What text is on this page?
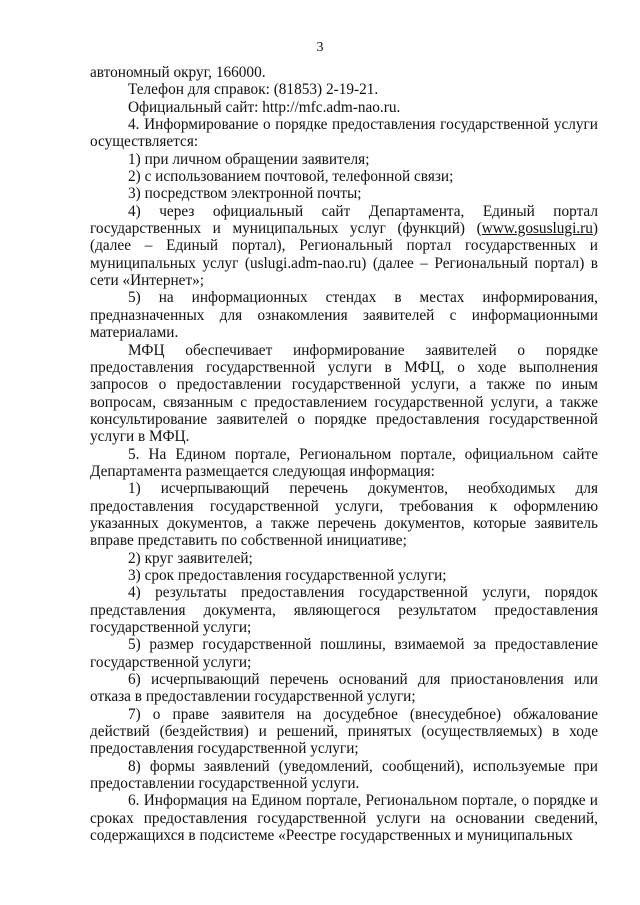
3

автономный округ, 166000.

Телефон для справок: (81853) 2-19-21.

Официальный сайт: http://mfc.adm-nao.ru.

4. Информирование о порядке предоставления государственной услуги осуществляется:

1) при личном обращении заявителя;

2) с использованием почтовой, телефонной связи;

3) посредством электронной почты;

4) через официальный сайт Департамента, Единый портал государственных и муниципальных услуг (функций) (www.gosuslugi.ru) (далее – Единый портал), Региональный портал государственных и муниципальных услуг (uslugi.adm-nao.ru) (далее – Региональный портал) в сети «Интернет»;

5) на информационных стендах в местах информирования, предназначенных для ознакомления заявителей с информационными материалами.

МФЦ обеспечивает информирование заявителей о порядке предоставления государственной услуги в МФЦ, о ходе выполнения запросов о предоставлении государственной услуги, а также по иным вопросам, связанным с предоставлением государственной услуги, а также консультирование заявителей о порядке предоставления государственной услуги в МФЦ.

5. На Едином портале, Региональном портале, официальном сайте Департамента размещается следующая информация:

1) исчерпывающий перечень документов, необходимых для предоставления государственной услуги, требования к оформлению указанных документов, а также перечень документов, которые заявитель вправе представить по собственной инициативе;

2) круг заявителей;

3) срок предоставления государственной услуги;

4) результаты предоставления государственной услуги, порядок представления документа, являющегося результатом предоставления государственной услуги;

5) размер государственной пошлины, взимаемой за предоставление государственной услуги;

6) исчерпывающий перечень оснований для приостановления или отказа в предоставлении государственной услуги;

7) о праве заявителя на досудебное (внесудебное) обжалование действий (бездействия) и решений, принятых (осуществляемых) в ходе предоставления государственной услуги;

8) формы заявлений (уведомлений, сообщений), используемые при предоставлении государственной услуги.

6. Информация на Едином портале, Региональном портале, о порядке и сроках предоставления государственной услуги на основании сведений, содержащихся в подсистеме «Реестре государственных и муниципальных
